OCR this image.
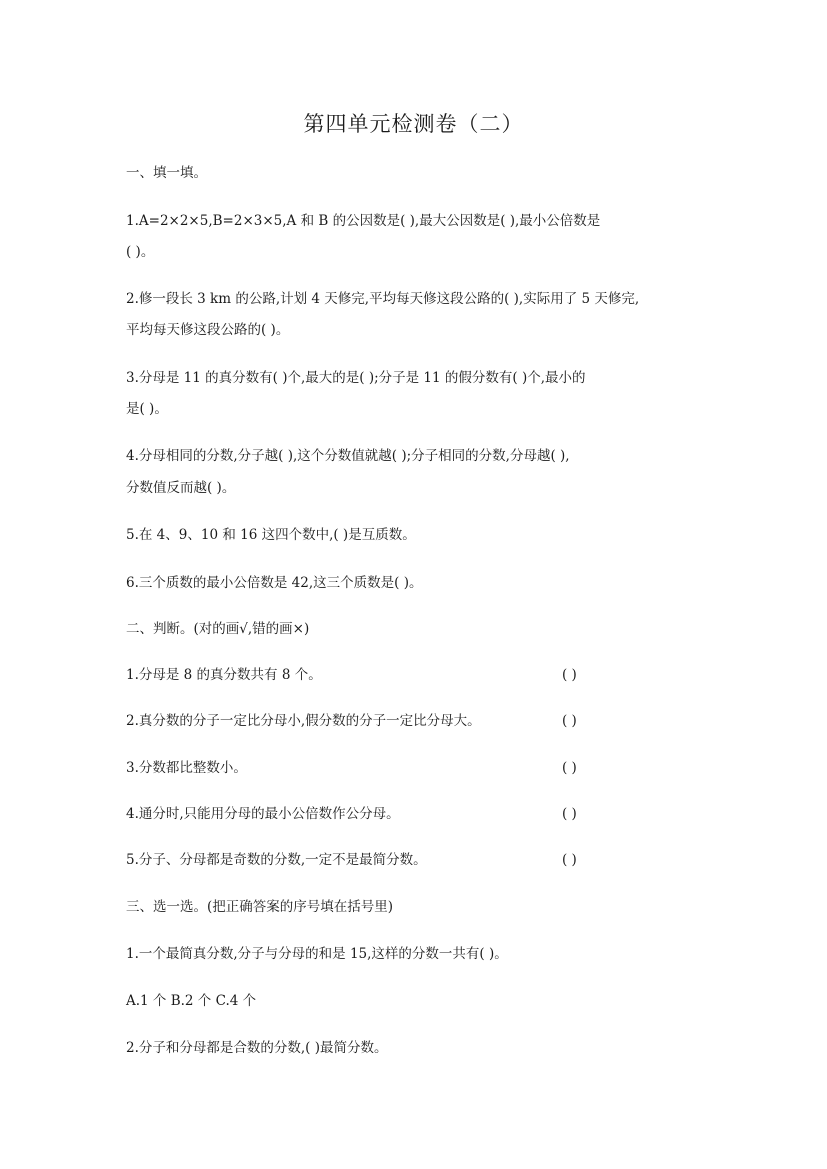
第四单元检测卷（二）
一、填一填。
1.A=2×2×5,B=2×3×5,A 和 B 的公因数是( ),最大公因数是( ),最小公倍数是
( )。
2.修一段长 3 km 的公路,计划 4 天修完,平均每天修这段公路的( ),实际用了 5 天修完,
平均每天修这段公路的( )。
3.分母是 11 的真分数有( )个,最大的是( );分子是 11 的假分数有( )个,最小的
是( )。
4.分母相同的分数,分子越( ),这个分数值就越( );分子相同的分数,分母越( ),
分数值反而越( )。
5.在 4、9、10 和 16 这四个数中,( )是互质数。
6.三个质数的最小公倍数是 42,这三个质数是( )。
二、判断。(对的画√,错的画×)
1.分母是 8 的真分数共有 8 个。	( )
2.真分数的分子一定比分母小,假分数的分子一定比分母大。	( )
3.分数都比整数小。	( )
4.通分时,只能用分母的最小公倍数作公分母。	( )
5.分子、分母都是奇数的分数,一定不是最简分数。	( )
三、选一选。(把正确答案的序号填在括号里)
1.一个最简真分数,分子与分母的和是 15,这样的分数一共有( )。
A.1 个 B.2 个 C.4 个
2.分子和分母都是合数的分数,( )最简分数。
